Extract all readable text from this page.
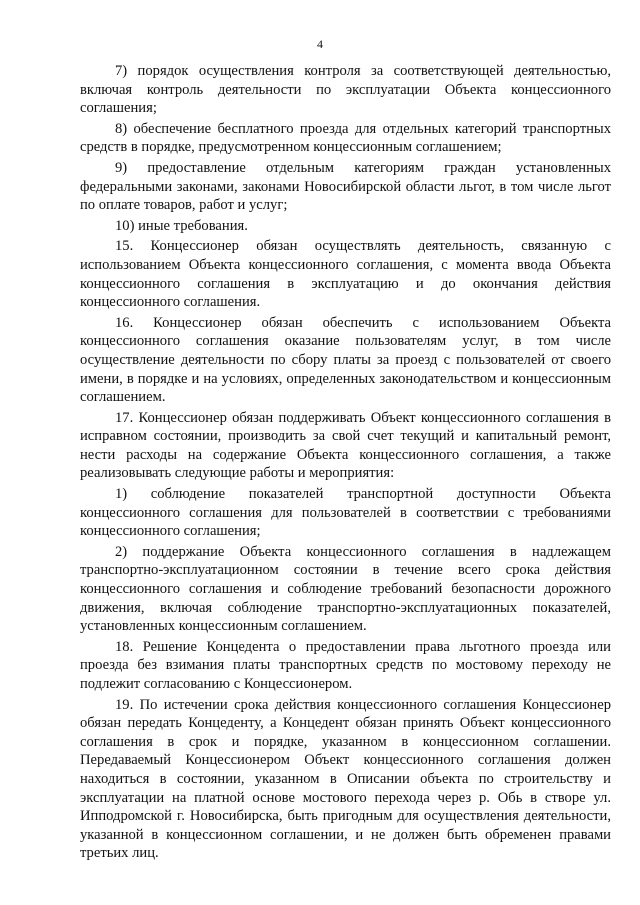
4

7) порядок осуществления контроля за соответствующей деятельностью, включая контроль деятельности по эксплуатации Объекта концессионного соглашения;

8) обеспечение бесплатного проезда для отдельных категорий транспортных средств в порядке, предусмотренном концессионным соглашением;

9) предоставление отдельным категориям граждан установленных федеральными законами, законами Новосибирской области льгот, в том числе льгот по оплате товаров, работ и услуг;

10) иные требования.

15. Концессионер обязан осуществлять деятельность, связанную с использованием Объекта концессионного соглашения, с момента ввода Объекта концессионного соглашения в эксплуатацию и до окончания действия концессионного соглашения.

16. Концессионер обязан обеспечить с использованием Объекта концессионного соглашения оказание пользователям услуг, в том числе осуществление деятельности по сбору платы за проезд с пользователей от своего имени, в порядке и на условиях, определенных законодательством и концессионным соглашением.

17. Концессионер обязан поддерживать Объект концессионного соглашения в исправном состоянии, производить за свой счет текущий и капитальный ремонт, нести расходы на содержание Объекта концессионного соглашения, а также реализовывать следующие работы и мероприятия:

1) соблюдение показателей транспортной доступности Объекта концессионного соглашения для пользователей в соответствии с требованиями концессионного соглашения;

2) поддержание Объекта концессионного соглашения в надлежащем транспортно-эксплуатационном состоянии в течение всего срока действия концессионного соглашения и соблюдение требований безопасности дорожного движения, включая соблюдение транспортно-эксплуатационных показателей, установленных концессионным соглашением.

18. Решение Концедента о предоставлении права льготного проезда или проезда без взимания платы транспортных средств по мостовому переходу не подлежит согласованию с Концессионером.

19. По истечении срока действия концессионного соглашения Концессионер обязан передать Концеденту, а Концедент обязан принять Объект концессионного соглашения в срок и порядке, указанном в концессионном соглашении. Передаваемый Концессионером Объект концессионного соглашения должен находиться в состоянии, указанном в Описании объекта по строительству и эксплуатации на платной основе мостового перехода через р. Обь в створе ул. Ипподромской г. Новосибирска, быть пригодным для осуществления деятельности, указанной в концессионном соглашении, и не должен быть обременен правами третьих лиц.
